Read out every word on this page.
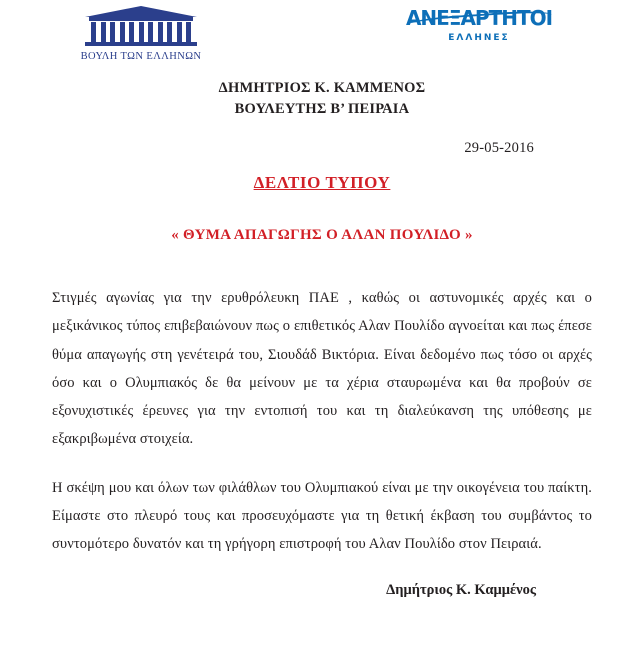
ΒΟΥΛΗ ΤΩΝ ΕΛΛΗΝΩΝ
ΑΝΕΞΑΡΤΗΤΟΙ
ΕΛΛΗΝΕΣ
ΔΗΜΗΤΡΙΟΣ Κ. ΚΑΜΜΕΝΟΣ
ΒΟΥΛΕΥΤΗΣ Β’ ΠΕΙΡΑΙΑ
29-05-2016
ΔΕΛΤΙΟ ΤΥΠΟΥ
« ΘΥΜΑ ΑΠΑΓΩΓΗΣ Ο ΑΛΑΝ ΠΟΥΛΙΔΟ »

Στιγμές αγωνίας για την ερυθρόλευκη ΠΑΕ , καθώς οι αστυνομικές αρχές και ο μεξικάνικος τύπος επιβεβαιώνουν πως ο επιθετικός Αλαν Πουλίδο αγνοείται και πως έπεσε θύμα απαγωγής στη γενέτειρά του, Σιουδάδ Βικτόρια. Είναι δεδομένο πως τόσο οι αρχές όσο και ο Ολυμπιακός δε θα μείνουν με τα χέρια σταυρωμένα και θα προβούν σε εξονυχιστικές έρευνες για την εντοπισή του και τη διαλεύκανση της υπόθεσης με εξακριβωμένα στοιχεία.

Η σκέψη μου και όλων των φιλάθλων του Ολυμπιακού είναι με την οικογένεια του παίκτη. Είμαστε στο πλευρό τους και προσευχόμαστε για τη θετική έκβαση του συμβάντος το συντομότερο δυνατόν και τη γρήγορη επιστροφή του Αλαν Πουλίδο στον Πειραιά.

Δημήτριος Κ. Καμμένος
